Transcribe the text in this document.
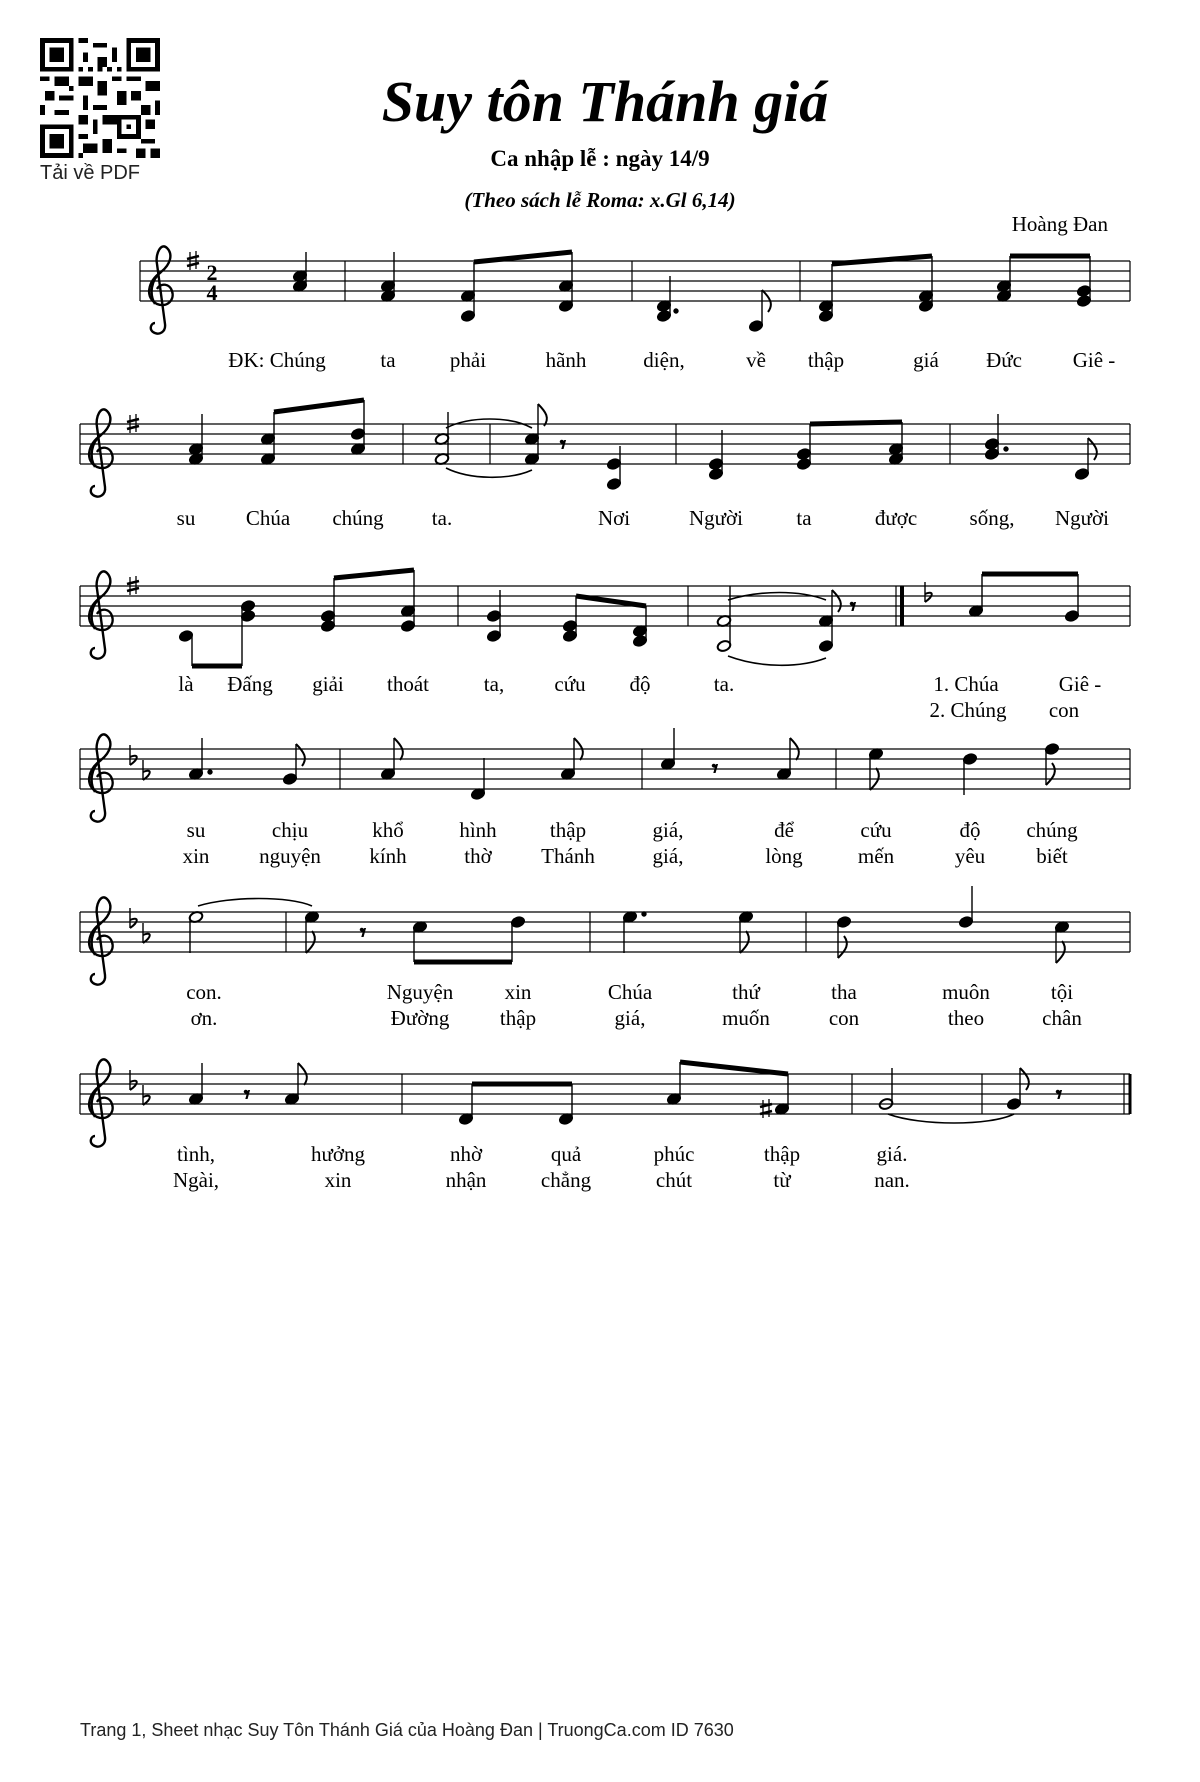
Tải về PDF
Suy tôn Thánh giá
Ca nhập lễ : ngày 14/9
(Theo sách lễ Roma: x.Gl 6,14)
Hoàng Đan
2
4
𝄾
𝄾
𝄾
𝄾
𝄾	𝄾
ĐK: Chúng	ta	phải	hãnh	diện,	về thập	giá Đức Giê -
su Chúa chúng ta.	Nơi	Người	ta	được sống, Người
là Đấng giải thoát	ta, cứu độ	ta.	1. Chúa	Giê -
2. Chúng con
su	chịu	khổ	hình	thập	giá,	để	cứu	độ chúng
xin nguyện kính	thờ Thánh	giá,	lòng	mến	yêu biết
con.	Nguyện xin	Chúa	thứ	tha	muôn	tội
ơn.	Đường thập	giá,	muốn	con	theo	chân
tình,	hưởng	nhờ	quả	phúc	thập	giá.
Ngài,	xin	nhận	chẳng	chút	từ	nan.
Trang 1, Sheet nhạc Suy Tôn Thánh Giá của Hoàng Đan | TruongCa.com ID 7630
